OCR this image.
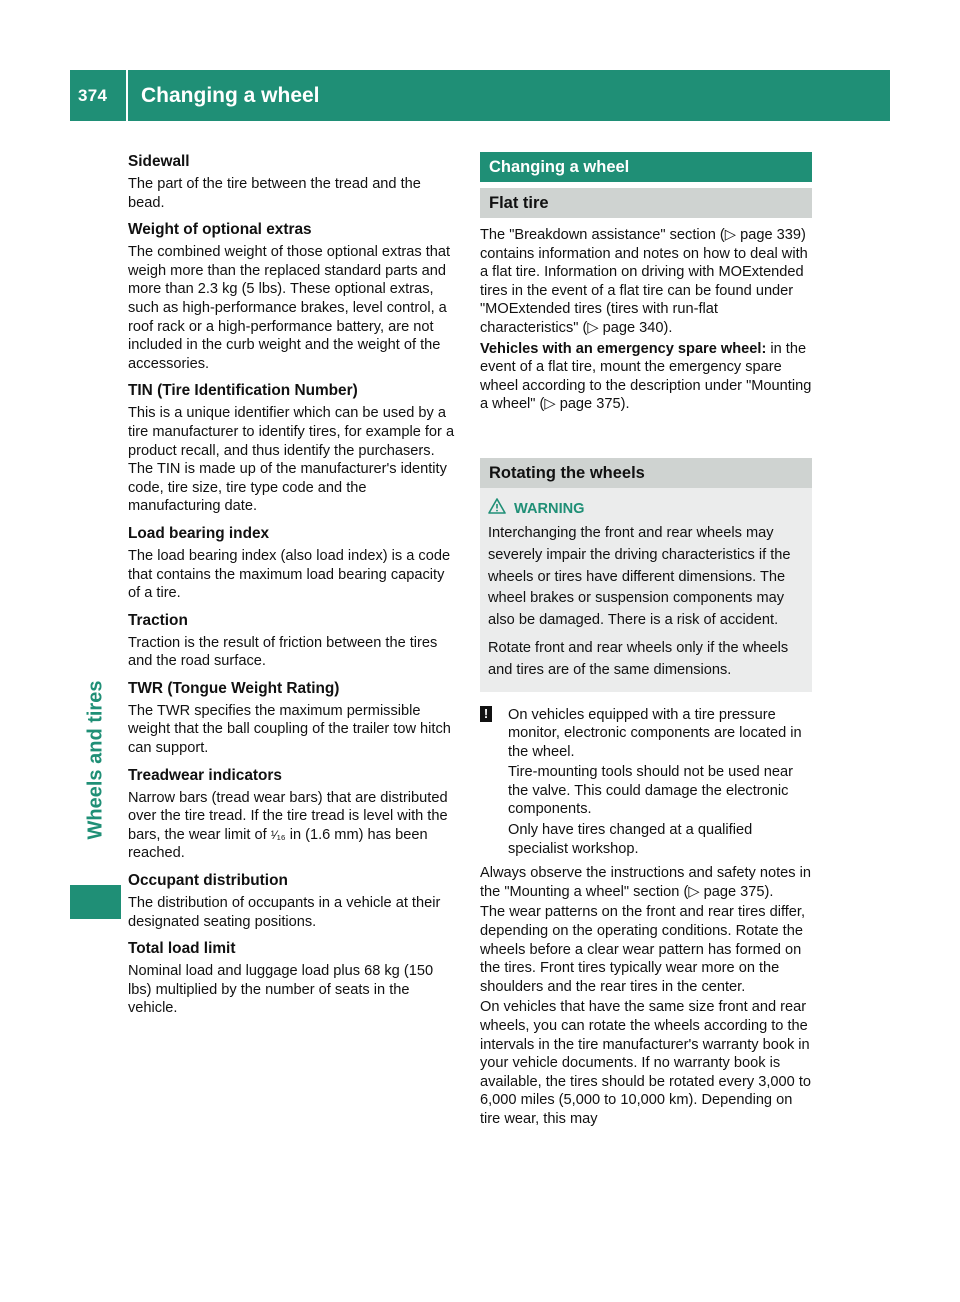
374	Changing a wheel
Wheels and tires
Sidewall

The part of the tire between the tread and the bead.

Weight of optional extras

The combined weight of those optional extras that weigh more than the replaced standard parts and more than 2.3 kg (5 lbs). These optional extras, such as high-performance brakes, level control, a roof rack or a high-performance battery, are not included in the curb weight and the weight of the accessories.

TIN (Tire Identification Number)

This is a unique identifier which can be used by a tire manufacturer to identify tires, for example for a product recall, and thus identify the purchasers. The TIN is made up of the manufacturer's identity code, tire size, tire type code and the manufacturing date.

Load bearing index

The load bearing index (also load index) is a code that contains the maximum load bearing capacity of a tire.

Traction

Traction is the result of friction between the tires and the road surface.

TWR (Tongue Weight Rating)

The TWR specifies the maximum permissible weight that the ball coupling of the trailer tow hitch can support.

Treadwear indicators

Narrow bars (tread wear bars) that are distributed over the tire tread. If the tire tread is level with the bars, the wear limit of ¹⁄₁₆ in (1.6 mm) has been reached.

Occupant distribution

The distribution of occupants in a vehicle at their designated seating positions.

Total load limit

Nominal load and luggage load plus 68 kg (150 lbs) multiplied by the number of seats in the vehicle.

Changing a wheel
Flat tire

The "Breakdown assistance" section (▷ page 339) contains information and notes on how to deal with a flat tire. Information on driving with MOExtended tires in the event of a flat tire can be found under "MOExtended tires (tires with run-flat characteristics" (▷ page 340).

Vehicles with an emergency spare wheel: in the event of a flat tire, mount the emergency spare wheel according to the description under "Mounting a wheel" (▷ page 375).

Rotating the wheels
WARNING

Interchanging the front and rear wheels may severely impair the driving characteristics if the wheels or tires have different dimensions. The wheel brakes or suspension components may also be damaged. There is a risk of accident.

Rotate front and rear wheels only if the wheels and tires are of the same dimensions.

! On vehicles equipped with a tire pressure monitor, electronic components are located in the wheel.

Tire-mounting tools should not be used near the valve. This could damage the electronic components.

Only have tires changed at a qualified specialist workshop.

Always observe the instructions and safety notes in the "Mounting a wheel" section (▷ page 375).

The wear patterns on the front and rear tires differ, depending on the operating conditions. Rotate the wheels before a clear wear pattern has formed on the tires. Front tires typically wear more on the shoulders and the rear tires in the center.

On vehicles that have the same size front and rear wheels, you can rotate the wheels according to the intervals in the tire manufacturer's warranty book in your vehicle documents. If no warranty book is available, the tires should be rotated every 3,000 to 6,000 miles (5,000 to 10,000 km). Depending on tire wear, this may
